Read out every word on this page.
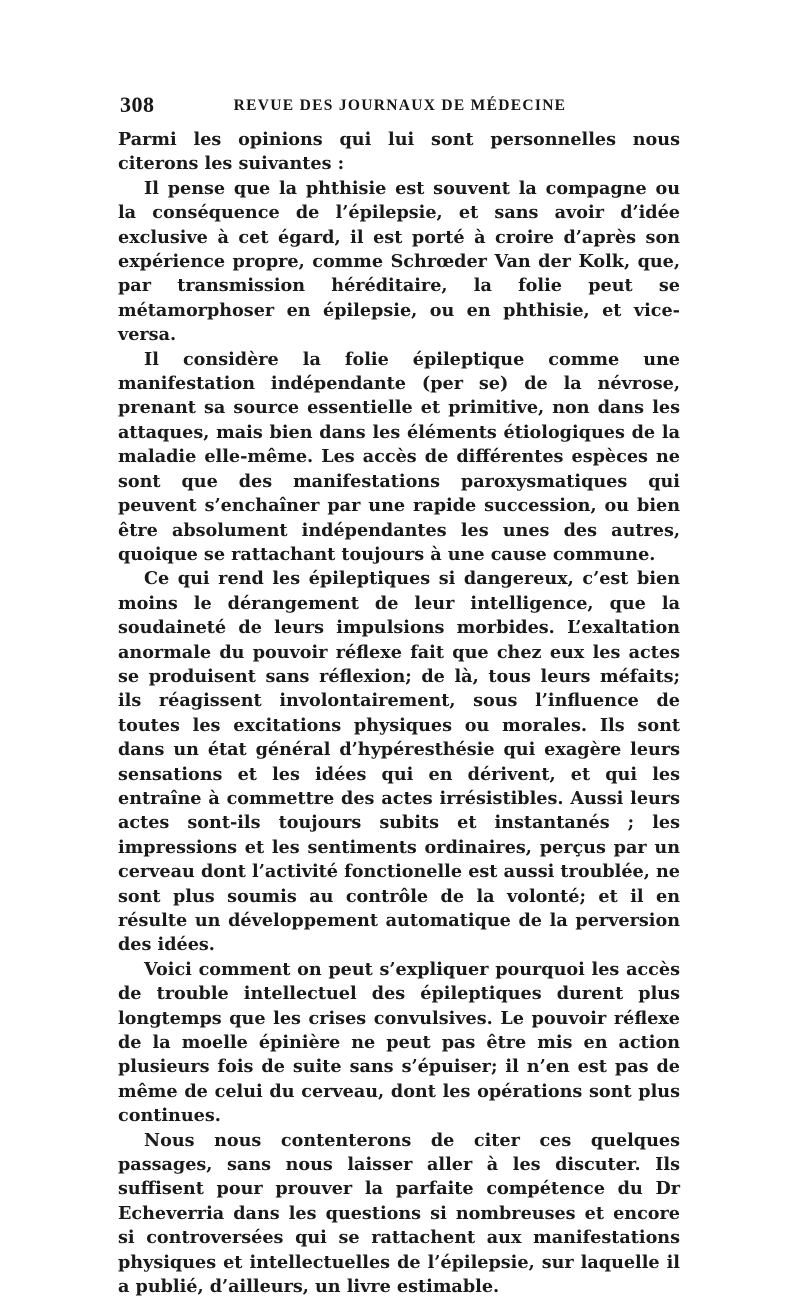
308	REVUE DES JOURNAUX DE MÉDECINE

Parmi les opinions qui lui sont personnelles nous citerons les suivantes :

Il pense que la phthisie est souvent la compagne ou la conséquence de l’épilepsie, et sans avoir d’idée exclusive à cet égard, il est porté à croire d’après son expérience propre, comme Schrœder Van der Kolk, que, par transmission héréditaire, la folie peut se métamorphoser en épilepsie, ou en phthisie, et vice-versa.

Il considère la folie épileptique comme une manifestation indépendante (per se) de la névrose, prenant sa source essentielle et primitive, non dans les attaques, mais bien dans les éléments étiologiques de la maladie elle-même. Les accès de différentes espèces ne sont que des manifestations paroxysmatiques qui peuvent s’enchaîner par une rapide succession, ou bien être absolument indépendantes les unes des autres, quoique se rattachant toujours à une cause commune.

Ce qui rend les épileptiques si dangereux, c’est bien moins le dérangement de leur intelligence, que la soudaineté de leurs impulsions morbides. L’exaltation anormale du pouvoir réflexe fait que chez eux les actes se produisent sans réflexion; de là, tous leurs méfaits; ils réagissent involontairement, sous l’influence de toutes les excitations physiques ou morales. Ils sont dans un état général d’hypéresthésie qui exagère leurs sensations et les idées qui en dérivent, et qui les entraîne à commettre des actes irrésistibles. Aussi leurs actes sont-ils toujours subits et instantanés ; les impressions et les sentiments ordinaires, perçus par un cerveau dont l’activité fonctionelle est aussi troublée, ne sont plus soumis au contrôle de la volonté; et il en résulte un développement automatique de la perversion des idées.

Voici comment on peut s’expliquer pourquoi les accès de trouble intellectuel des épileptiques durent plus longtemps que les crises convulsives. Le pouvoir réflexe de la moelle épinière ne peut pas être mis en action plusieurs fois de suite sans s’épuiser; il n’en est pas de même de celui du cerveau, dont les opérations sont plus continues.

Nous nous contenterons de citer ces quelques passages, sans nous laisser aller à les discuter. Ils suffisent pour prouver la parfaite compétence du Dr Echeverria dans les questions si nombreuses et encore si controversées qui se rattachent aux manifestations physiques et intellectuelles de l’épilepsie, sur laquelle il a publié, d’ailleurs, un livre estimable.
